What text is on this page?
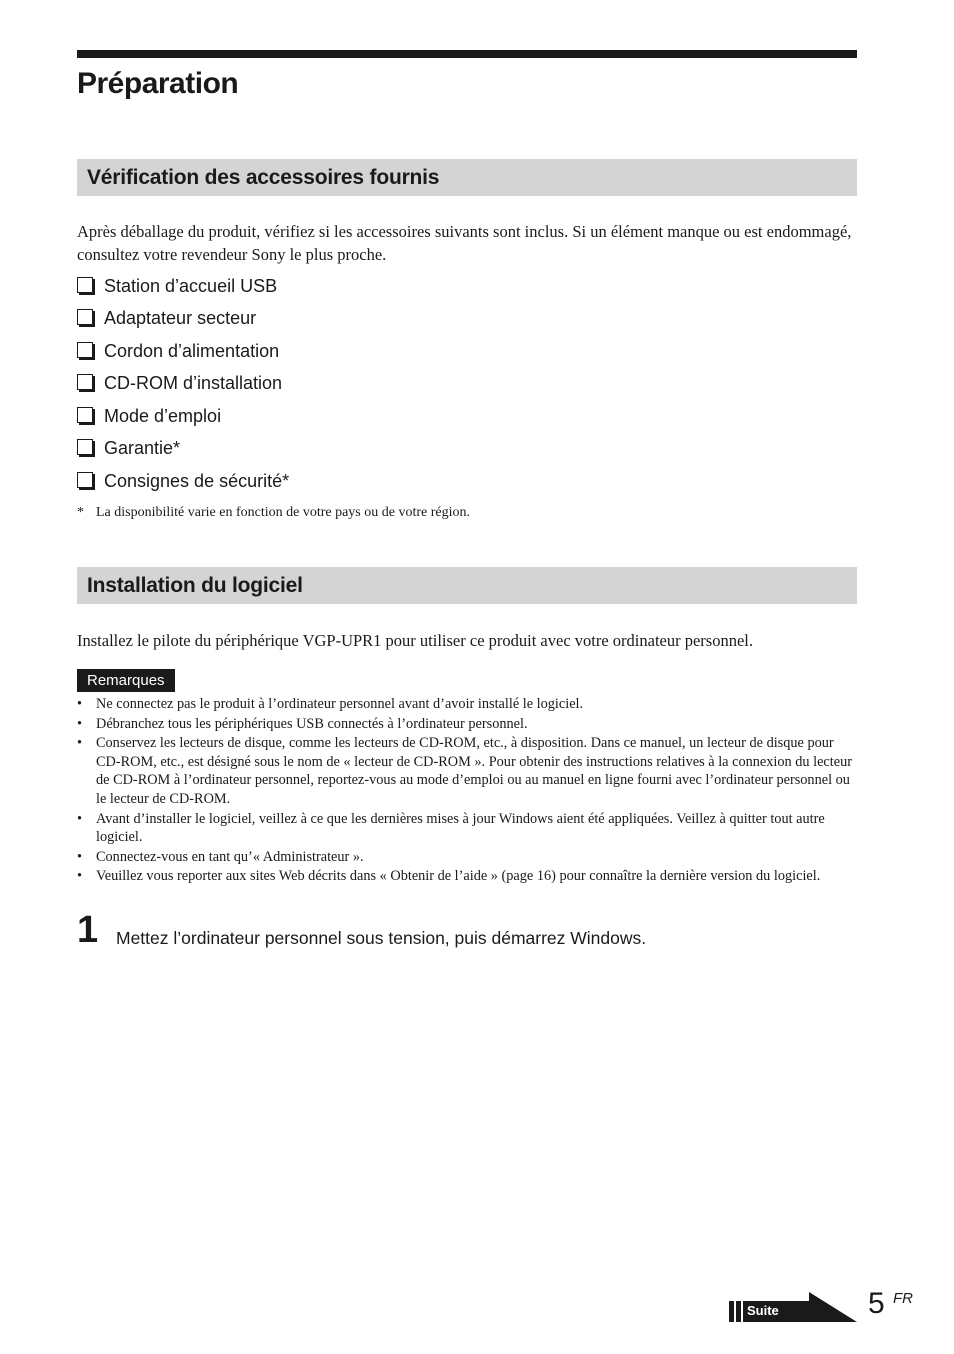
Préparation
Vérification des accessoires fournis

Après déballage du produit, vérifiez si les accessoires suivants sont inclus. Si un élément manque ou est endommagé, consultez votre revendeur Sony le plus proche.

Station d’accueil USB
Adaptateur secteur
Cordon d’alimentation
CD-ROM d’installation
Mode d’emploi
Garantie*
Consignes de sécurité*
* La disponibilité varie en fonction de votre pays ou de votre région.
Installation du logiciel

Installez le pilote du périphérique VGP-UPR1 pour utiliser ce produit avec votre ordinateur personnel.

Remarques
• Ne connectez pas le produit à l’ordinateur personnel avant d’avoir installé le logiciel.
• Débranchez tous les périphériques USB connectés à l’ordinateur personnel.
• Conservez les lecteurs de disque, comme les lecteurs de CD-ROM, etc., à disposition. Dans ce manuel, un lecteur de disque pour CD-ROM, etc., est désigné sous le nom de « lecteur de CD-ROM ». Pour obtenir des instructions relatives à la connexion du lecteur de CD-ROM à l’ordinateur personnel, reportez-vous au mode d’emploi ou au manuel en ligne fourni avec l’ordinateur personnel ou le lecteur de CD-ROM.
• Avant d’installer le logiciel, veillez à ce que les dernières mises à jour Windows aient été appliquées. Veillez à quitter tout autre logiciel.
• Connectez-vous en tant qu’« Administrateur ».
• Veuillez vous reporter aux sites Web décrits dans « Obtenir de l’aide » (page 16) pour connaître la dernière version du logiciel.
1 Mettez l’ordinateur personnel sous tension, puis démarrez Windows.
Suite	5 FR
